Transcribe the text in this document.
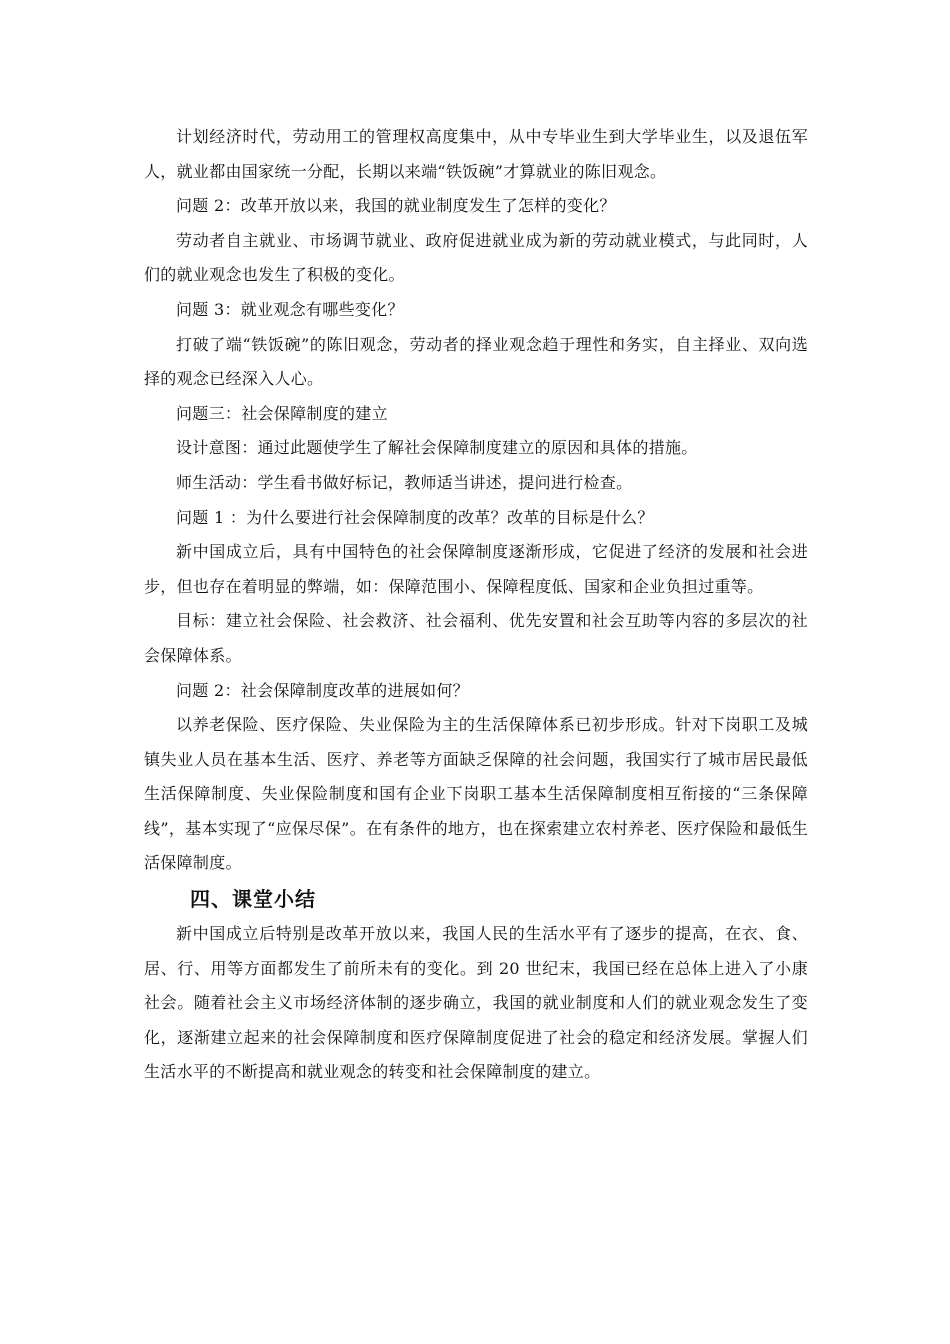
计划经济时代，劳动用工的管理权高度集中，从中专毕业生到大学毕业生，以及退伍军人，就业都由国家统一分配，长期以来端“铁饭碗”才算就业的陈旧观念。

问题 2：改革开放以来，我国的就业制度发生了怎样的变化？

劳动者自主就业、市场调节就业、政府促进就业成为新的劳动就业模式，与此同时，人们的就业观念也发生了积极的变化。

问题 3：就业观念有哪些变化？

打破了端“铁饭碗”的陈旧观念，劳动者的择业观念趋于理性和务实，自主择业、双向选择的观念已经深入人心。

问题三：社会保障制度的建立

设计意图：通过此题使学生了解社会保障制度建立的原因和具体的措施。

师生活动：学生看书做好标记，教师适当讲述，提问进行检查。

问题 1 ：为什么要进行社会保障制度的改革？改革的目标是什么？

新中国成立后，具有中国特色的社会保障制度逐渐形成，它促进了经济的发展和社会进步，但也存在着明显的弊端，如：保障范围小、保障程度低、国家和企业负担过重等。

目标：建立社会保险、社会救济、社会福利、优先安置和社会互助等内容的多层次的社会保障体系。

问题 2：社会保障制度改革的进展如何？

以养老保险、医疗保险、失业保险为主的生活保障体系已初步形成。针对下岗职工及城镇失业人员在基本生活、医疗、养老等方面缺乏保障的社会问题，我国实行了城市居民最低生活保障制度、失业保险制度和国有企业下岗职工基本生活保障制度相互衔接的“三条保障线”，基本实现了“应保尽保”。在有条件的地方，也在探索建立农村养老、医疗保险和最低生活保障制度。

四、课堂小结

新中国成立后特别是改革开放以来，我国人民的生活水平有了逐步的提高，在衣、食、居、行、用等方面都发生了前所未有的变化。到 20 世纪末，我国已经在总体上进入了小康社会。随着社会主义市场经济体制的逐步确立，我国的就业制度和人们的就业观念发生了变化，逐渐建立起来的社会保障制度和医疗保障制度促进了社会的稳定和经济发展。掌握人们生活水平的不断提高和就业观念的转变和社会保障制度的建立。
